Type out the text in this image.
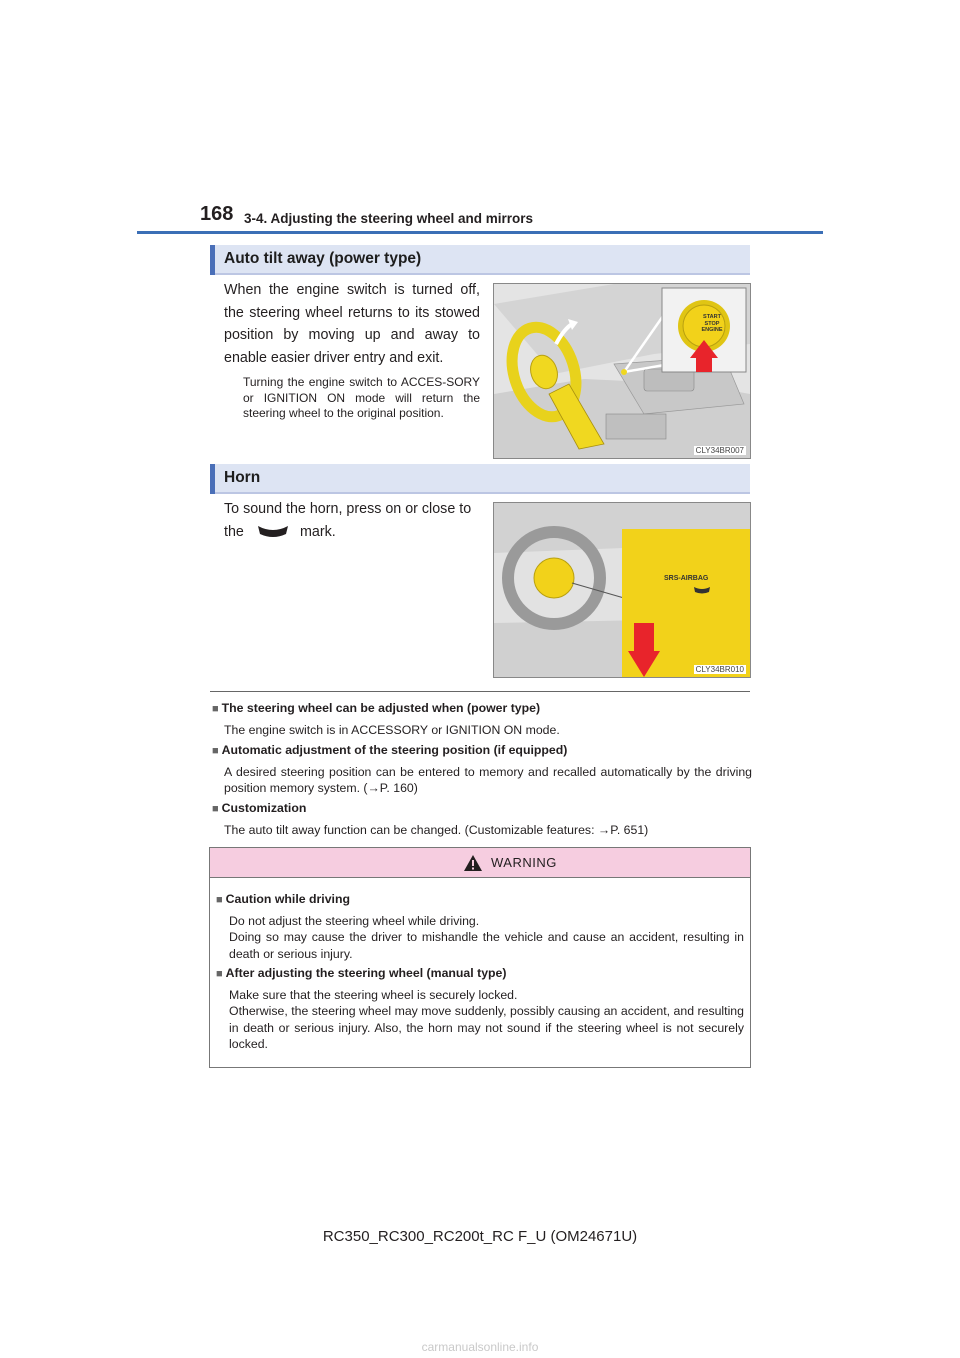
168 3-4. Adjusting the steering wheel and mirrors
Auto tilt away (power type)
When the engine switch is turned off, the steering wheel returns to its stowed position by moving up and away to enable easier driver entry and exit.
Turning the engine switch to ACCES-SORY or IGNITION ON mode will return the steering wheel to the original position.
START
STOP
ENGINE
CLY34BR007
Horn
To sound the horn, press on or close to
the	mark.
SRS-AIRBAG
CLY34BR010
■ The steering wheel can be adjusted when (power type)
The engine switch is in ACCESSORY or IGNITION ON mode.
■ Automatic adjustment of the steering position (if equipped)
A desired steering position can be entered to memory and recalled automatically by the driving position memory system. (→P. 160)
■ Customization
The auto tilt away function can be changed. (Customizable features: →P. 651)
WARNING
■ Caution while driving
Do not adjust the steering wheel while driving.
Doing so may cause the driver to mishandle the vehicle and cause an accident, resulting in death or serious injury.
■ After adjusting the steering wheel (manual type)
Make sure that the steering wheel is securely locked.
Otherwise, the steering wheel may move suddenly, possibly causing an accident, and resulting in death or serious injury. Also, the horn may not sound if the steering wheel is not securely locked.
RC350_RC300_RC200t_RC F_U (OM24671U)
carmanualsonline.info
